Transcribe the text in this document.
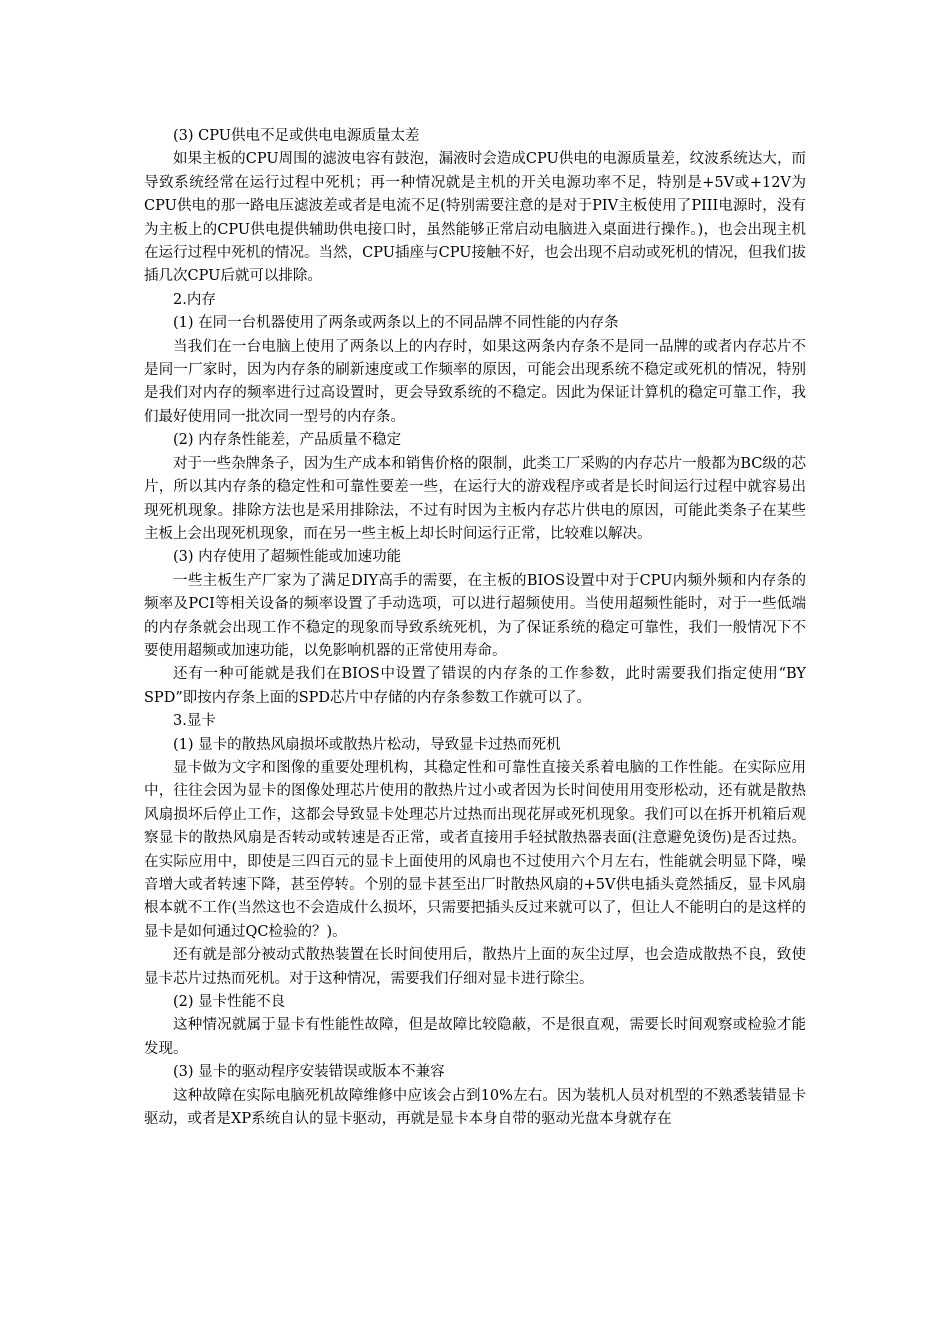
(3) CPU供电不足或供电电源质量太差

如果主板的CPU周围的滤波电容有鼓泡，漏液时会造成CPU供电的电源质量差，纹波系统达大，而导致系统经常在运行过程中死机；再一种情况就是主机的开关电源功率不足，特别是+5V或+12V为CPU供电的那一路电压滤波差或者是电流不足(特别需要注意的是对于PIV主板使用了PIII电源时，没有为主板上的CPU供电提供辅助供电接口时，虽然能够正常启动电脑进入桌面进行操作。)，也会出现主机在运行过程中死机的情况。当然，CPU插座与CPU接触不好，也会出现不启动或死机的情况，但我们拔插几次CPU后就可以排除。

2.内存

(1) 在同一台机器使用了两条或两条以上的不同品牌不同性能的内存条

当我们在一台电脑上使用了两条以上的内存时，如果这两条内存条不是同一品牌的或者内存芯片不是同一厂家时，因为内存条的刷新速度或工作频率的原因，可能会出现系统不稳定或死机的情况，特别是我们对内存的频率进行过高设置时，更会导致系统的不稳定。因此为保证计算机的稳定可靠工作，我们最好使用同一批次同一型号的内存条。

(2) 内存条性能差，产品质量不稳定

对于一些杂牌条子，因为生产成本和销售价格的限制，此类工厂采购的内存芯片一般都为BC级的芯片，所以其内存条的稳定性和可靠性要差一些，在运行大的游戏程序或者是长时间运行过程中就容易出现死机现象。排除方法也是采用排除法，不过有时因为主板内存芯片供电的原因，可能此类条子在某些主板上会出现死机现象，而在另一些主板上却长时间运行正常，比较难以解决。

(3) 内存使用了超频性能或加速功能

一些主板生产厂家为了满足DIY高手的需要，在主板的BIOS设置中对于CPU内频外频和内存条的频率及PCI等相关设备的频率设置了手动选项，可以进行超频使用。当使用超频性能时，对于一些低端的内存条就会出现工作不稳定的现象而导致系统死机，为了保证系统的稳定可靠性，我们一般情况下不要使用超频或加速功能，以免影响机器的正常使用寿命。

还有一种可能就是我们在BIOS中设置了错误的内存条的工作参数，此时需要我们指定使用“BY SPD”即按内存条上面的SPD芯片中存储的内存条参数工作就可以了。

3.显卡

(1) 显卡的散热风扇损坏或散热片松动，导致显卡过热而死机

显卡做为文字和图像的重要处理机构，其稳定性和可靠性直接关系着电脑的工作性能。在实际应用中，往往会因为显卡的图像处理芯片使用的散热片过小或者因为长时间使用用变形松动，还有就是散热风扇损坏后停止工作，这都会导致显卡处理芯片过热而出现花屏或死机现象。我们可以在拆开机箱后观察显卡的散热风扇是否转动或转速是否正常，或者直接用手轻拭散热器表面(注意避免烫伤)是否过热。在实际应用中，即使是三四百元的显卡上面使用的风扇也不过使用六个月左右，性能就会明显下降，噪音增大或者转速下降，甚至停转。个别的显卡甚至出厂时散热风扇的+5V供电插头竟然插反，显卡风扇根本就不工作(当然这也不会造成什么损坏，只需要把插头反过来就可以了，但让人不能明白的是这样的显卡是如何通过QC检验的？)。

还有就是部分被动式散热装置在长时间使用后，散热片上面的灰尘过厚，也会造成散热不良，致使显卡芯片过热而死机。对于这种情况，需要我们仔细对显卡进行除尘。

(2) 显卡性能不良

这种情况就属于显卡有性能性故障，但是故障比较隐蔽，不是很直观，需要长时间观察或检验才能发现。

(3) 显卡的驱动程序安装错误或版本不兼容

这种故障在实际电脑死机故障维修中应该会占到10%左右。因为装机人员对机型的不熟悉装错显卡驱动，或者是XP系统自认的显卡驱动，再就是显卡本身自带的驱动光盘本身就存在
